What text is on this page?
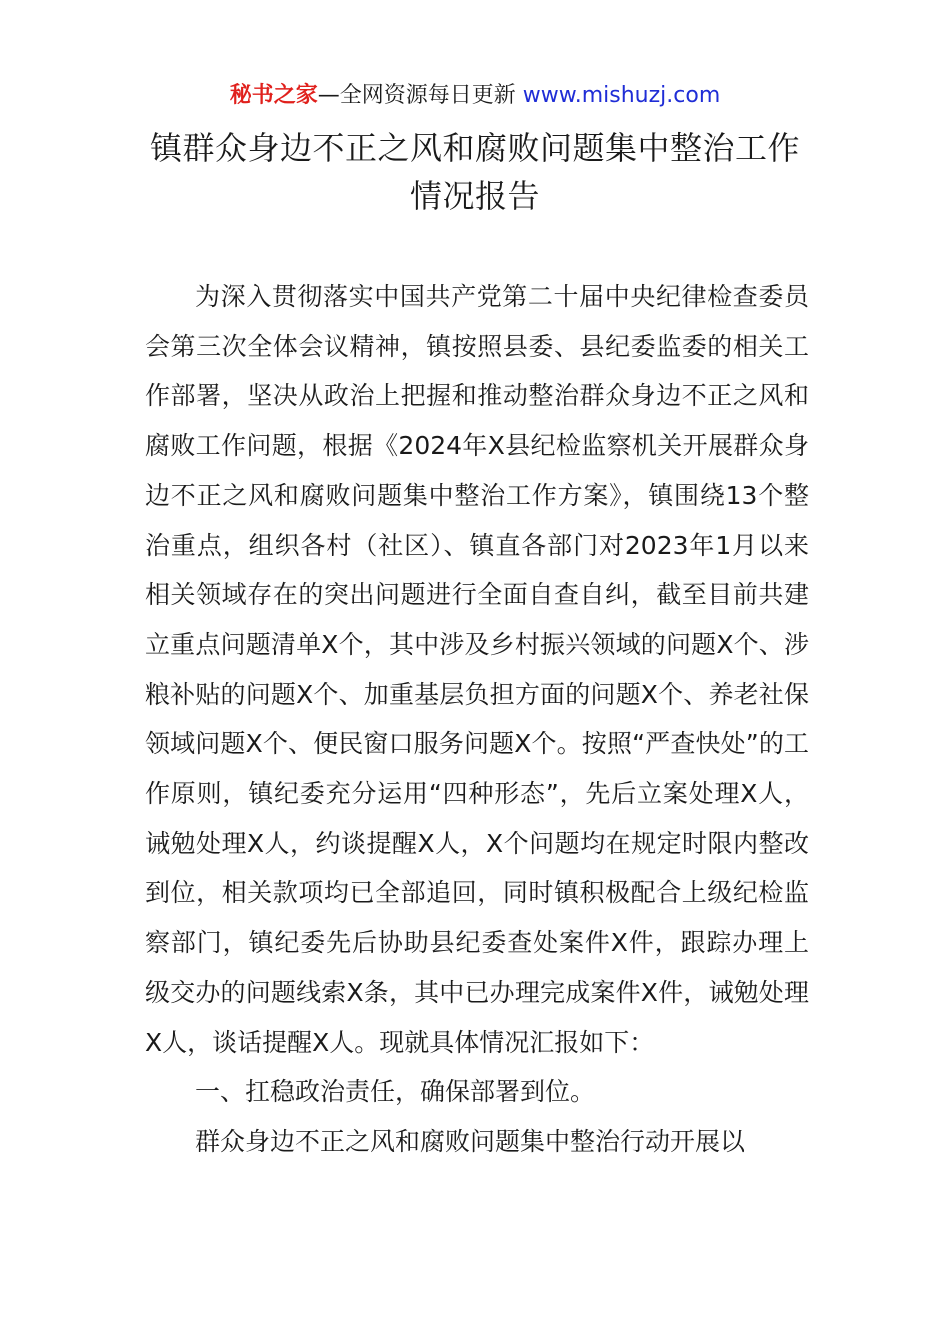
秘书之家—全网资源每日更新 www.mishuzj.com
镇群众身边不正之风和腐败问题集中整治工作
情况报告

为深入贯彻落实中国共产党第二十届中央纪律检查委员会第三次全体会议精神，镇按照县委、县纪委监委的相关工作部署，坚决从政治上把握和推动整治群众身边不正之风和腐败工作问题，根据《2024年X县纪检监察机关开展群众身边不正之风和腐败问题集中整治工作方案》，镇围绕13个整治重点，组织各村（社区）、镇直各部门对2023年1月以来相关领域存在的突出问题进行全面自查自纠，截至目前共建立重点问题清单X个，其中涉及乡村振兴领域的问题X个、涉粮补贴的问题X个、加重基层负担方面的问题X个、养老社保领域问题X个、便民窗口服务问题X个。按照“严查快处”的工作原则，镇纪委充分运用“四种形态”，先后立案处理X人，诫勉处理X人，约谈提醒X人，X个问题均在规定时限内整改到位，相关款项均已全部追回，同时镇积极配合上级纪检监察部门，镇纪委先后协助县纪委查处案件X件，跟踪办理上级交办的问题线索X条，其中已办理完成案件X件，诫勉处理X人，谈话提醒X人。现就具体情况汇报如下：

一、扛稳政治责任，确保部署到位。

群众身边不正之风和腐败问题集中整治行动开展以
